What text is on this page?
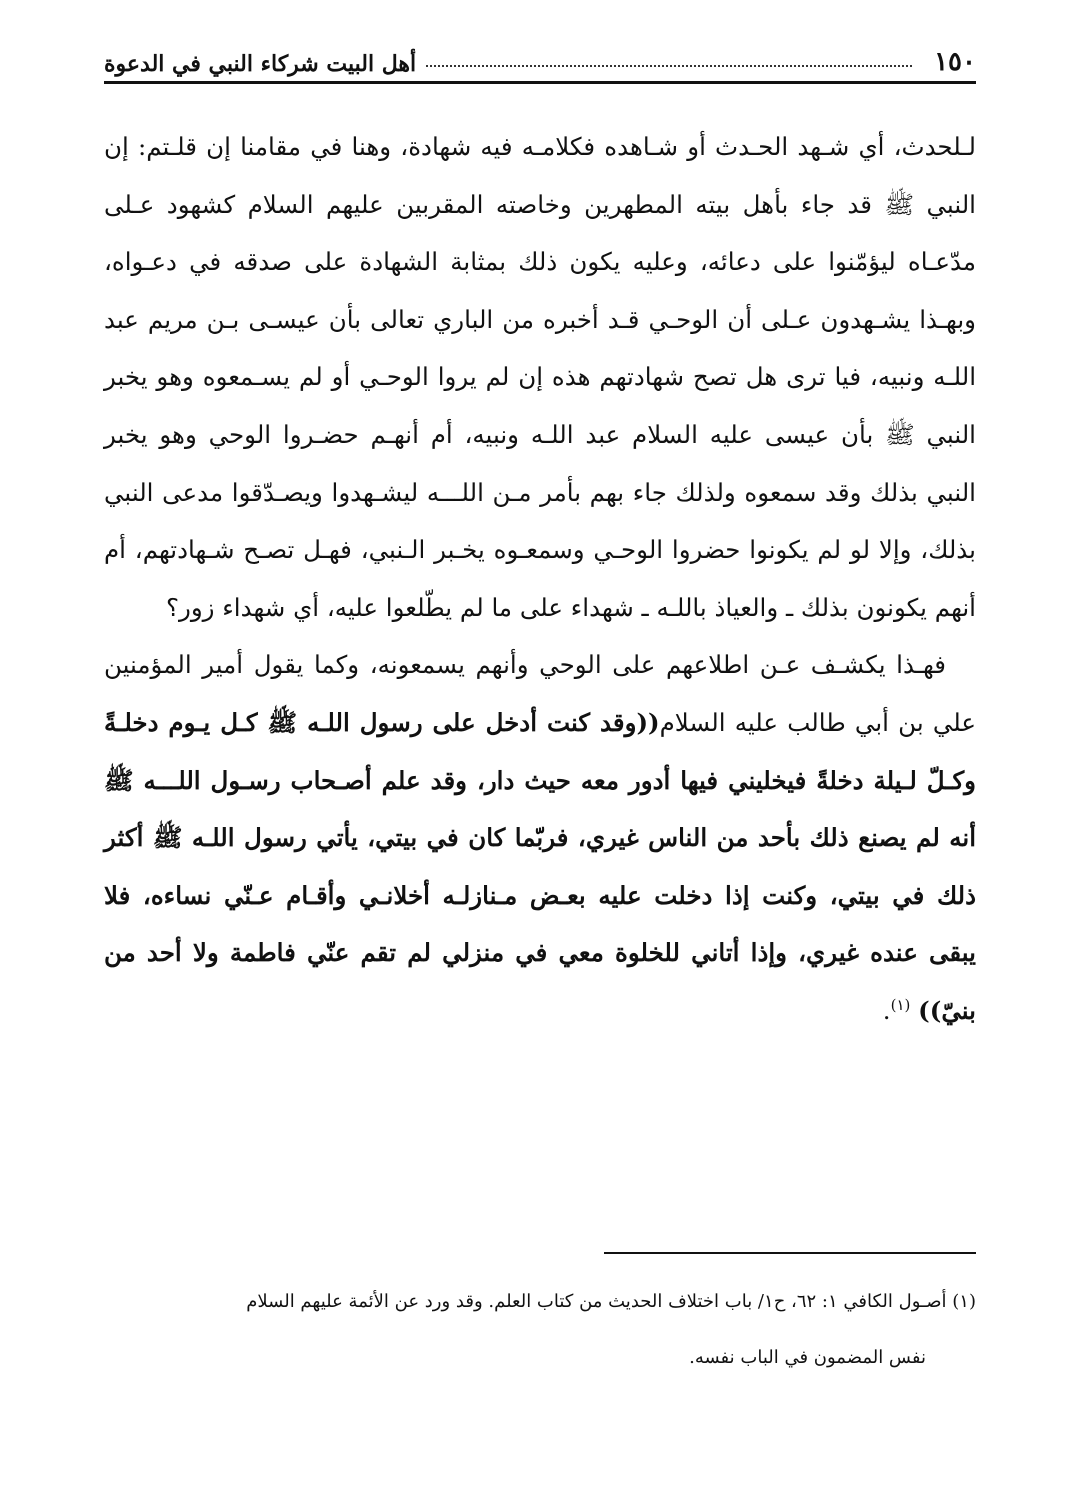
١٥٠
أهل البيت شركاء النبي في الدعوة

لـلحدث، أي شـهد الحـدث أو شـاهده فكلامـه فيه شهادة، وهنا في مقامنا إن قلـتم: إن النبي ﷺ قد جاء بأهل بيته المطهرين وخاصته المقربين عليهم السلام كشهود عـلى مدّعـاه ليؤمّنوا على دعائه، وعليه يكون ذلك بمثابة الشهادة على صدقه في دعـواه، وبهـذا يشـهدون عـلى أن الوحـي قـد أخبره من الباري تعالى بأن عيسـى بـن مريم عبد اللـه ونبيه، فيا ترى هل تصح شهادتهم هذه إن لم يروا الوحـي أو لم يسـمعوه وهو يخبر النبي ﷺ بأن عيسى عليه السلام عبد اللـه ونبيه، أم أنهـم حضـروا الوحي وهو يخبر النبي بذلك وقد سمعوه ولذلك جاء بهم بأمر مـن اللـــه ليشـهدوا ويصـدّقوا مدعى النبي بذلك، وإلا لو لم يكونوا حضروا الوحـي وسمعـوه يخـبر الـنبي، فهـل تصـح شـهادتهم، أم أنهم يكونون بذلك ـ والعياذ باللـه ـ شهداء على ما لم يطّلعوا عليه، أي شهداء زور؟

فهـذا يكشـف عـن اطلاعهم على الوحي وأنهم يسمعونه، وكما يقول أمير المؤمنين علي بن أبي طالب عليه السلام((وقد كنت أدخل على رسول اللـه ﷺ كـل يـوم دخلـةً وكـلّ لـيلة دخلةً فيخليني فيها أدور معه حيث دار، وقد علم أصـحاب رسـول اللـــه ﷺ أنه لم يصنع ذلك بأحد من الناس غيري، فربّما كان في بيتي، يأتي رسول اللـه ﷺ أكثر ذلك في بيتي، وكنت إذا دخلت عليه بعـض مـنازلـه أخلانـي وأقـام عـنّي نساءه، فلا يبقى عنده غيري، وإذا أتاني للخلوة معي في منزلي لم تقم عنّي فاطمة ولا أحد من بنيّ)) $^{(١)}$.

(١) أصـول الكافي ١: ٦٢، ح١/ باب اختلاف الحديث من كتاب العلم. وقد ورد عن الأئمة عليهم السلام

نفس المضمون في الباب نفسه.
